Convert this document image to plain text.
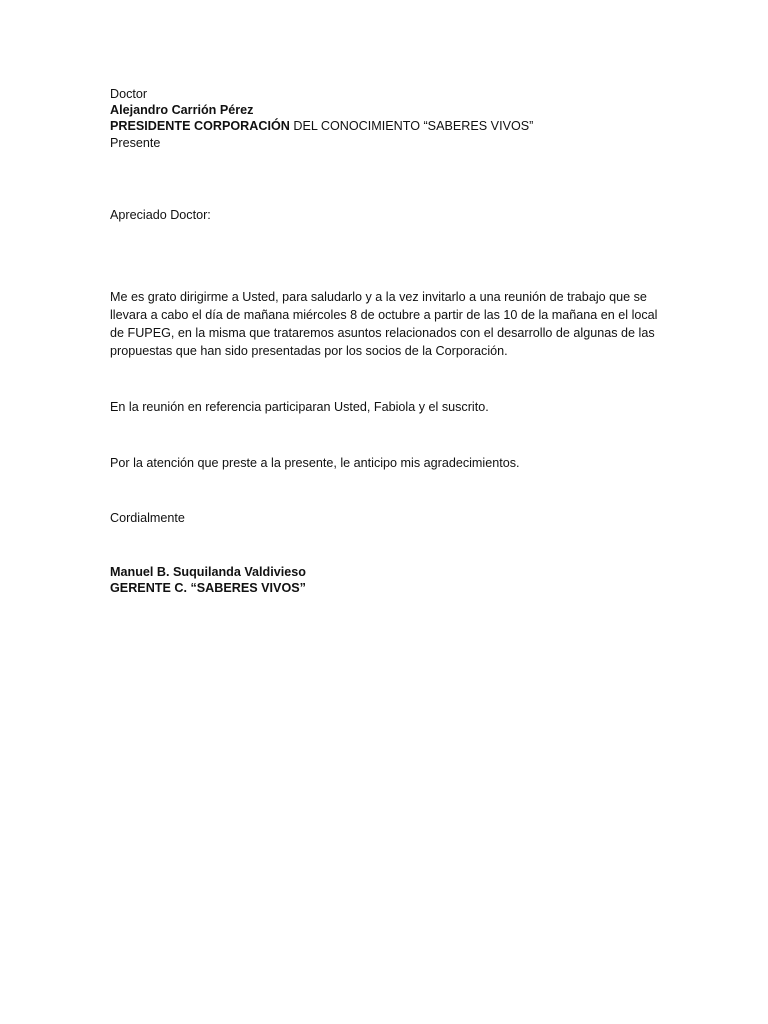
Doctor

Alejandro Carrión Pérez

PRESIDENTE CORPORACIÓN DEL CONOCIMIENTO “SABERES VIVOS”

Presente

Apreciado Doctor:

Me es grato dirigirme a Usted, para saludarlo y a la vez invitarlo a una reunión de trabajo que se llevara a cabo el día de mañana miércoles 8 de octubre a partir de las 10 de la mañana en el local de FUPEG, en la misma que trataremos asuntos relacionados con el desarrollo de algunas de las propuestas que han sido presentadas por los socios de la Corporación.

En la reunión en referencia participaran Usted, Fabiola y el suscrito.

Por la atención que preste a la presente, le anticipo mis agradecimientos.

Cordialmente

Manuel B. Suquilanda Valdivieso

GERENTE C. “SABERES VIVOS”
